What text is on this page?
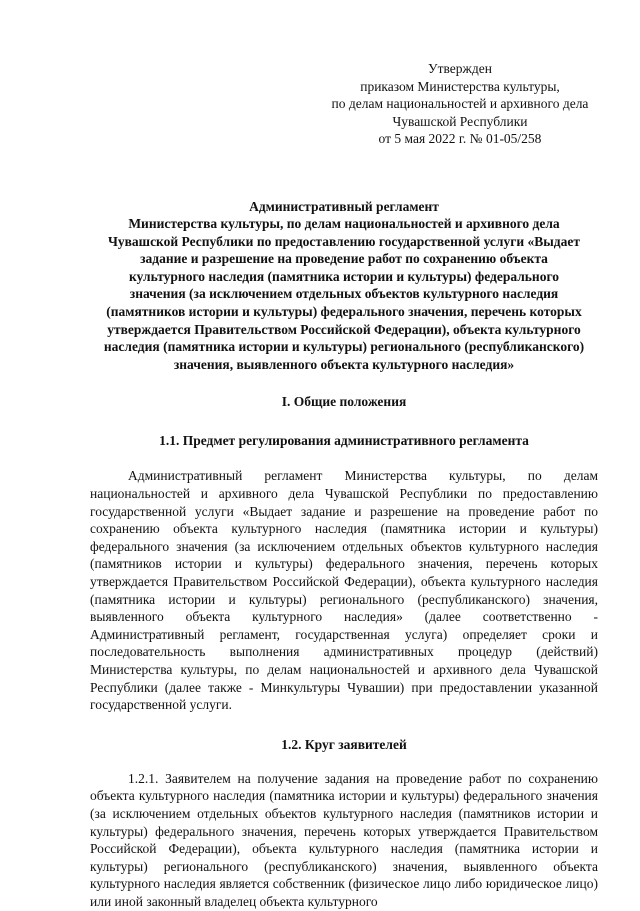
Утвержден
приказом Министерства культуры,
по делам национальностей и архивного дела
Чувашской Республики
от 5 мая 2022 г. № 01-05/258
Административный регламент
Министерства культуры, по делам национальностей и архивного дела
Чувашской Республики по предоставлению государственной услуги «Выдает
задание и разрешение на проведение работ по сохранению объекта
культурного наследия (памятника истории и культуры) федерального
значения (за исключением отдельных объектов культурного наследия
(памятников истории и культуры) федерального значения, перечень которых
утверждается Правительством Российской Федерации), объекта культурного
наследия (памятника истории и культуры) регионального (республиканского)
значения, выявленного объекта культурного наследия»
I. Общие положения
1.1. Предмет регулирования административного регламента

Административный регламент Министерства культуры, по делам национальностей и архивного дела Чувашской Республики по предоставлению государственной услуги «Выдает задание и разрешение на проведение работ по сохранению объекта культурного наследия (памятника истории и культуры) федерального значения (за исключением отдельных объектов культурного наследия (памятников истории и культуры) федерального значения, перечень которых утверждается Правительством Российской Федерации), объекта культурного наследия (памятника истории и культуры) регионального (республиканского) значения, выявленного объекта культурного наследия» (далее соответственно - Административный регламент, государственная услуга) определяет сроки и последовательность выполнения административных процедур (действий) Министерства культуры, по делам национальностей и архивного дела Чувашской Республики (далее также - Минкультуры Чувашии) при предоставлении указанной государственной услуги.

1.2. Круг заявителей

1.2.1. Заявителем на получение задания на проведение работ по сохранению объекта культурного наследия (памятника истории и культуры) федерального значения (за исключением отдельных объектов культурного наследия (памятников истории и культуры) федерального значения, перечень которых утверждается Правительством Российской Федерации), объекта культурного наследия (памятника истории и культуры) регионального (республиканского) значения, выявленного объекта культурного наследия является собственник (физическое лицо либо юридическое лицо) или иной законный владелец объекта культурного
